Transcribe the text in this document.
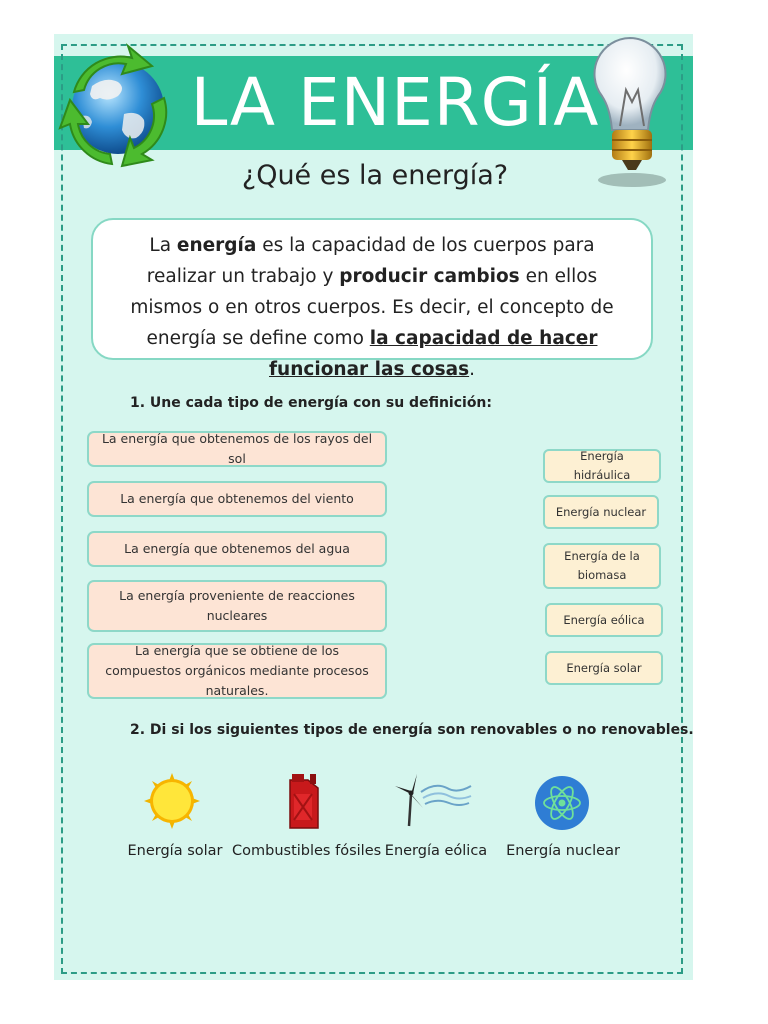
LA ENERGÍA
¿Qué es la energía?
La energía es la capacidad de los cuerpos para realizar un trabajo y producir cambios en ellos mismos o en otros cuerpos. Es decir, el concepto de energía se define como la capacidad de hacer funcionar las cosas.
1. Une cada tipo de energía con su definición:
La energía que obtenemos de los rayos del sol
La energía que obtenemos del viento
La energía que obtenemos del agua
La energía proveniente de reacciones nucleares
La energía que se obtiene de los compuestos orgánicos mediante procesos naturales.
Energía hidráulica
Energía nuclear
Energía de la biomasa
Energía eólica
Energía solar
2. Di si los siguientes tipos de energía son renovables o no renovables.
Energía solar Combustibles fósiles Energía eólica Energía nuclear
